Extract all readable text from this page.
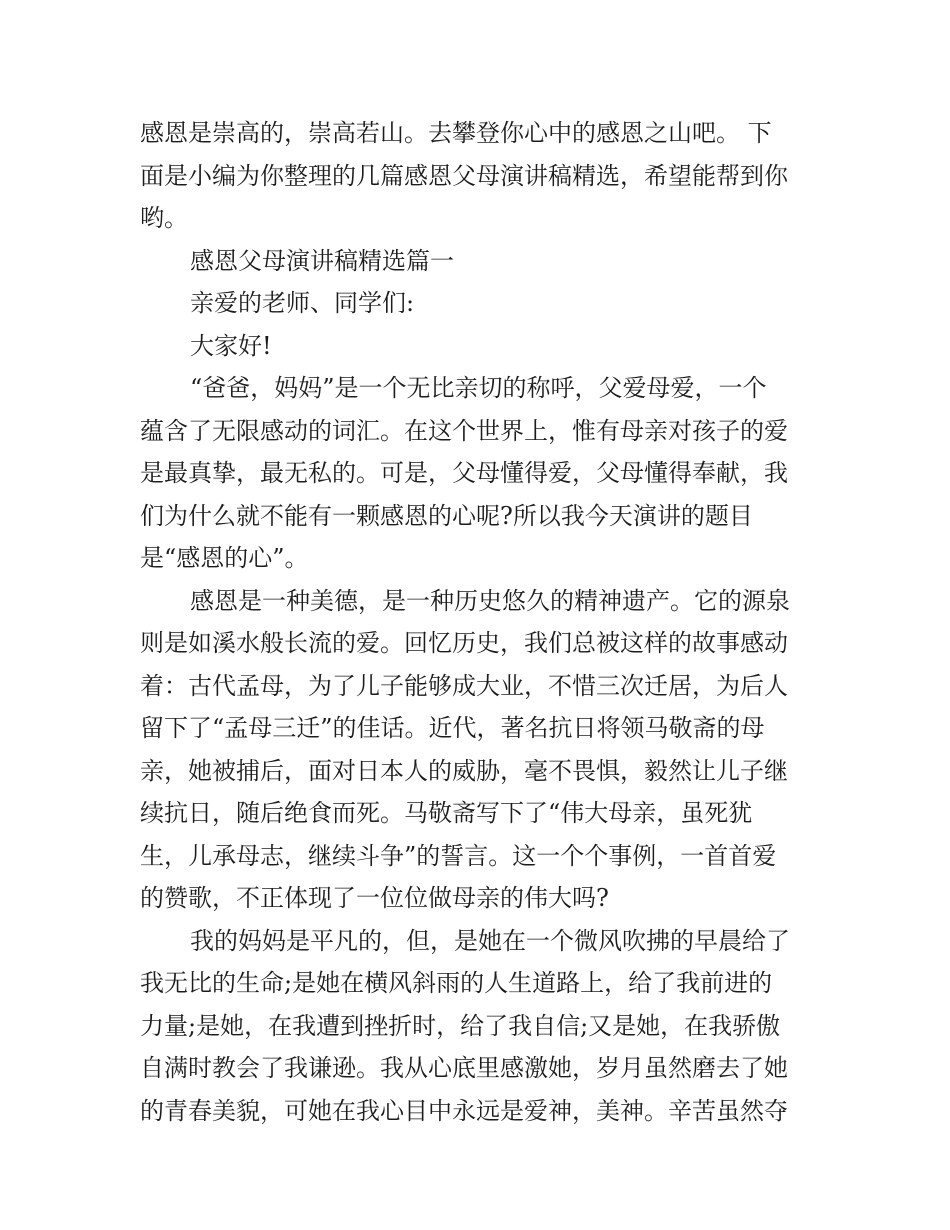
感恩是崇高的，崇高若山。去攀登你心中的感恩之山吧。 下
面是小编为你整理的几篇感恩父母演讲稿精选，希望能帮到你
哟。
感恩父母演讲稿精选篇一
亲爱的老师、同学们:
大家好!
“爸爸，妈妈”是一个无比亲切的称呼，父爱母爱，一个
蕴含了无限感动的词汇。在这个世界上，惟有母亲对孩子的爱
是最真挚，最无私的。可是，父母懂得爱，父母懂得奉献，我
们为什么就不能有一颗感恩的心呢?所以我今天演讲的题目
是“感恩的心”。
感恩是一种美德，是一种历史悠久的精神遗产。它的源泉
则是如溪水般长流的爱。回忆历史，我们总被这样的故事感动
着：古代孟母，为了儿子能够成大业，不惜三次迁居，为后人
留下了“孟母三迁”的佳话。近代，著名抗日将领马敬斋的母
亲，她被捕后，面对日本人的威胁，毫不畏惧，毅然让儿子继
续抗日，随后绝食而死。马敬斋写下了“伟大母亲，虽死犹
生，儿承母志，继续斗争”的誓言。这一个个事例，一首首爱
的赞歌，不正体现了一位位做母亲的伟大吗?
我的妈妈是平凡的，但，是她在一个微风吹拂的早晨给了
我无比的生命;是她在横风斜雨的人生道路上，给了我前进的
力量;是她，在我遭到挫折时，给了我自信;又是她，在我骄傲
自满时教会了我谦逊。我从心底里感激她，岁月虽然磨去了她
的青春美貌，可她在我心目中永远是爱神，美神。辛苦虽然夺
